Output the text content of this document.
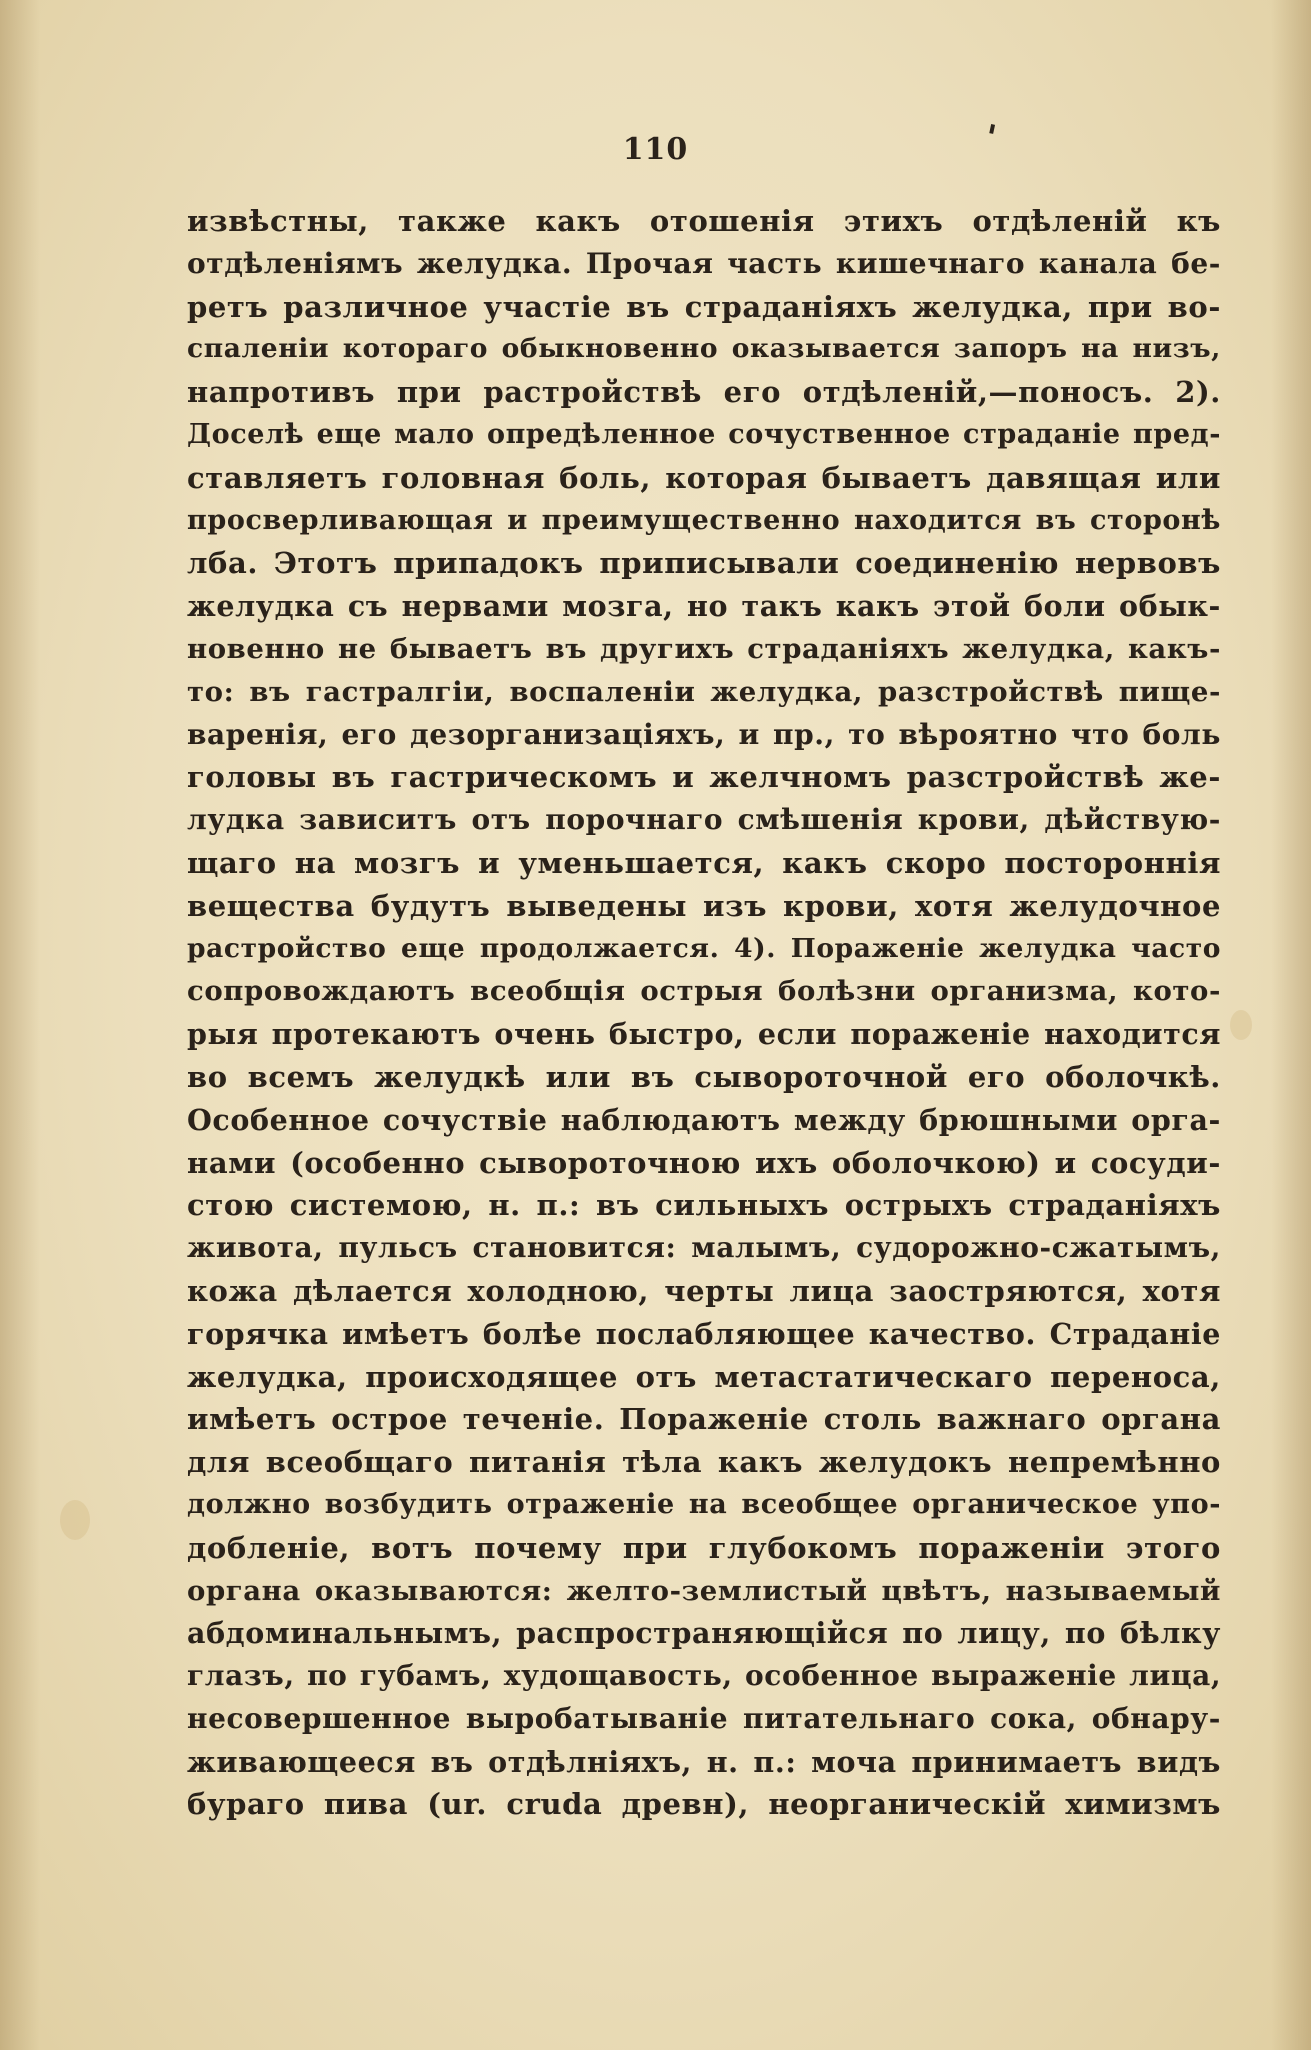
110	'
извѣстны, также какъ отошенія этихъ отдѣленій къ
отдѣленіямъ желудка. Прочая часть кишечнаго канала бе-
ретъ различное участіе въ страданіяхъ желудка, при во-
спаленіи котораго обыкновенно оказывается запоръ на низъ,
напротивъ при растройствѣ его отдѣленій,—поносъ. 2).
Доселѣ еще мало опредѣленное сочуственное страданіе пред-
ставляетъ головная боль, которая бываетъ давящая или
просверливающая и преимущественно находится въ сторонѣ
лба. Этотъ припадокъ приписывали соединенію нервовъ
желудка съ нервами мозга, но такъ какъ этой боли обык-
новенно не бываетъ въ другихъ страданіяхъ желудка, какъ-
то: въ гастралгіи, воспаленіи желудка, разстройствѣ пище-
варенія, его дезорганизаціяхъ, и пр., то вѣроятно что боль
головы въ гастрическомъ и желчномъ разстройствѣ же-
лудка зависитъ отъ порочнаго смѣшенія крови, дѣйствую-
щаго на мозгъ и уменьшается, какъ скоро постороннія
вещества будутъ выведены изъ крови, хотя желудочное
растройство еще продолжается. 4). Пораженіе желудка часто
сопровождаютъ всеобщія острыя болѣзни организма, кото-
рыя протекаютъ очень быстро, если пораженіе находится
во всемъ желудкѣ или въ сывороточной его оболочкѣ.
Особенное сочуствіе наблюдаютъ между брюшными орга-
нами (особенно сывороточною ихъ оболочкою) и сосуди-
стою системою, н. п.: въ сильныхъ острыхъ страданіяхъ
живота, пульсъ становится: малымъ, судорожно-сжатымъ,
кожа дѣлается холодною, черты лица заостряются, хотя
горячка имѣетъ болѣе послабляющее качество. Страданіе
желудка, происходящее отъ метастатическаго переноса,
имѣетъ острое теченіе. Пораженіе столь важнаго органа
для всеобщаго питанія тѣла какъ желудокъ непремѣнно
должно возбудить отраженіе на всеобщее органическое упо-
добленіе, вотъ почему при глубокомъ пораженіи этого
органа оказываются: желто-землистый цвѣтъ, называемый
абдоминальнымъ, распространяющійся по лицу, по бѣлку
глазъ, по губамъ, худощавость, особенное выраженіе лица,
несовершенное выробатываніе питательнаго сока, обнару-
живающееся въ отдѣлніяхъ, н. п.: моча принимаетъ видъ
бураго пива (ur. cruda древн), неорганическій химизмъ
